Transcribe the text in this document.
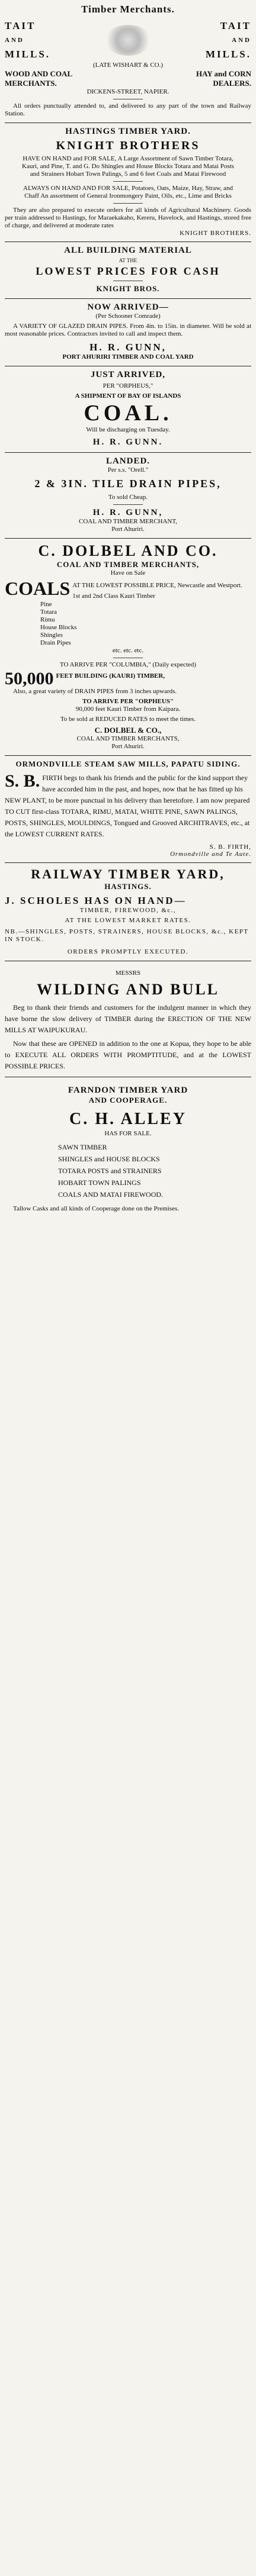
Timber Merchants.
TAIT
AND
MILLS.
TAIT
AND
MILLS.
(LATE WISHART & CO.)
WOOD AND COAL	HAY and CORN
MERCHANTS.	DEALERS.
DICKENS-STREET, NAPIER.
All orders punctually attended to, and delivered to any part of the town and Railway Station.
HASTINGS TIMBER YARD.
KNIGHT BROTHERS
HAVE ON HAND and FOR SALE, A Large Assortment of Sawn Timber Totara, Kauri, and Pine, T. and G. Do Shingles and House Blocks Totara and Matai Posts and Strainers Hobart Town Palings, 5 and 6 feet Coals and Matai Firewood
ALWAYS ON HAND AND FOR SALE, Potatoes, Oats, Maize, Hay, Straw, and Chaff An assortment of General Ironmongery Paint, Oils, etc., Lime and Bricks
They are also prepared to execute orders for all kinds of Agricultural Machinery. Goods per train addressed to Hastings, for Maraekakaho, Kereru, Havelock, and Hastings, stored free of charge, and delivered at moderate rates
KNIGHT BROTHERS.
ALL BUILDING MATERIAL
AT THE
LOWEST PRICES FOR CASH
KNIGHT BROS.
NOW ARRIVED—
(Per Schooner Comrade)
A VARIETY OF GLAZED DRAIN PIPES. From 4in. to 15in. in diameter. Will be sold at most reasonable prices. Contractors invited to call and inspect them.
H. R. GUNN,
PORT AHURIRI TIMBER AND COAL YARD
JUST ARRIVED,
PER "ORPHEUS,"
A SHIPMENT OF BAY OF ISLANDS
COAL.
Will be discharging on Tuesday.
H. R. GUNN.
LANDED.
Per s.s. "Orell."
2 & 3IN. TILE DRAIN PIPES,
To sold Cheap.
H. R. GUNN,
COAL AND TIMBER MERCHANT,
Port Ahuriri.
C. DOLBEL AND CO.
COAL AND TIMBER MERCHANTS,
Have on Sale
COALS AT THE LOWEST POSSIBLE PRICE, Newcastle and Westport. 1st and 2nd Class Kauri Timber
Pine
Totara
Rimu
House Blocks
Shingles
Drain Pipes
etc. etc. etc.
TO ARRIVE PER "COLUMBIA," (Daily expected)
50,000 FEET BUILDING (KAURI) TIMBER,
Also, a great variety of DRAIN PIPES from 3 inches upwards.
TO ARRIVE PER "ORPHEUS"
90,000 feet Kauri Timber from Kaipara.
To be sold at REDUCED RATES to meet the times.
C. DOLBEL & CO.,
COAL AND TIMBER MERCHANTS,
Port Ahuriri.
ORMONDVILLE STEAM SAW MILLS, PAPATU SIDING.
S. B. FIRTH begs to thank his friends and the public for the kind support they have accorded him in the past, and hopes, now that he has fitted up his NEW PLANT, to be more punctual in his delivery than heretofore. I am now prepared TO CUT first-class TOTARA, RIMU, MATAI, WHITE PINE, SAWN PALINGS, POSTS, SHINGLES, MOULDINGS, Tongued and Grooved ARCHITRAVES, etc., at the LOWEST CURRENT RATES.
S. B. FIRTH,
Ormondville and Te Aute.
RAILWAY TIMBER YARD,
HASTINGS.
J. SCHOLES HAS ON HAND—
TIMBER, FIREWOOD, &c.,
AT THE LOWEST MARKET RATES.
NB.—SHINGLES, POSTS, STRAINERS, HOUSE BLOCKS, &c., KEPT IN STOCK.
ORDERS PROMPTLY EXECUTED.
MESSRS
WILDING AND BULL
Beg to thank their friends and customers for the indulgent manner in which they have borne the slow delivery of TIMBER during the ERECTION OF THE NEW MILLS AT WAIPUKURAU.
Now that these are OPENED in addition to the one at Kopua, they hope to be able to EXECUTE ALL ORDERS WITH PROMPTITUDE, and at the LOWEST POSSIBLE PRICES.
FARNDON TIMBER YARD
AND COOPERAGE.
C. H. ALLEY
HAS FOR SALE.
SAWN TIMBER
SHINGLES and HOUSE BLOCKS
TOTARA POSTS and STRAINERS
HOBART TOWN PALINGS
COALS AND MATAI FIREWOOD.
Tallow Casks and all kinds of Cooperage done on the Premises.
